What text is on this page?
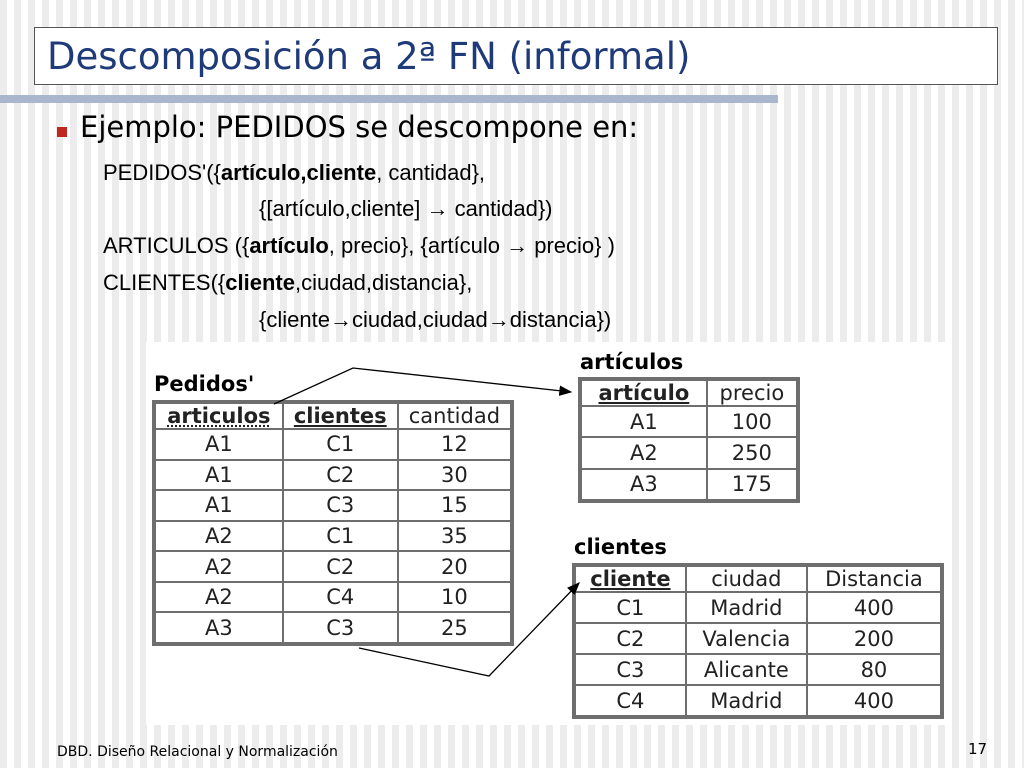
Descomposición a 2ª FN (informal)
Ejemplo: PEDIDOS se descompone en:
PEDIDOS'({artículo,cliente, cantidad},
{[artículo,cliente] → cantidad})
ARTICULOS ({artículo, precio}, {artículo → precio} )
CLIENTES({cliente,ciudad,distancia},
{cliente→ciudad,ciudad→distancia})
Pedidos'
articulos	clientes	cantidad
A1	C1	12
A1	C2	30
A1	C3	15
A2	C1	35
A2	C2	20
A2	C4	10
A3	C3	25
artículos
artículo	precio
A1	100
A2	250
A3	175
clientes
cliente	ciudad	Distancia
C1	Madrid	400
C2	Valencia	200
C3	Alicante	80
C4	Madrid	400
DBD. Diseño Relacional y Normalización	17
